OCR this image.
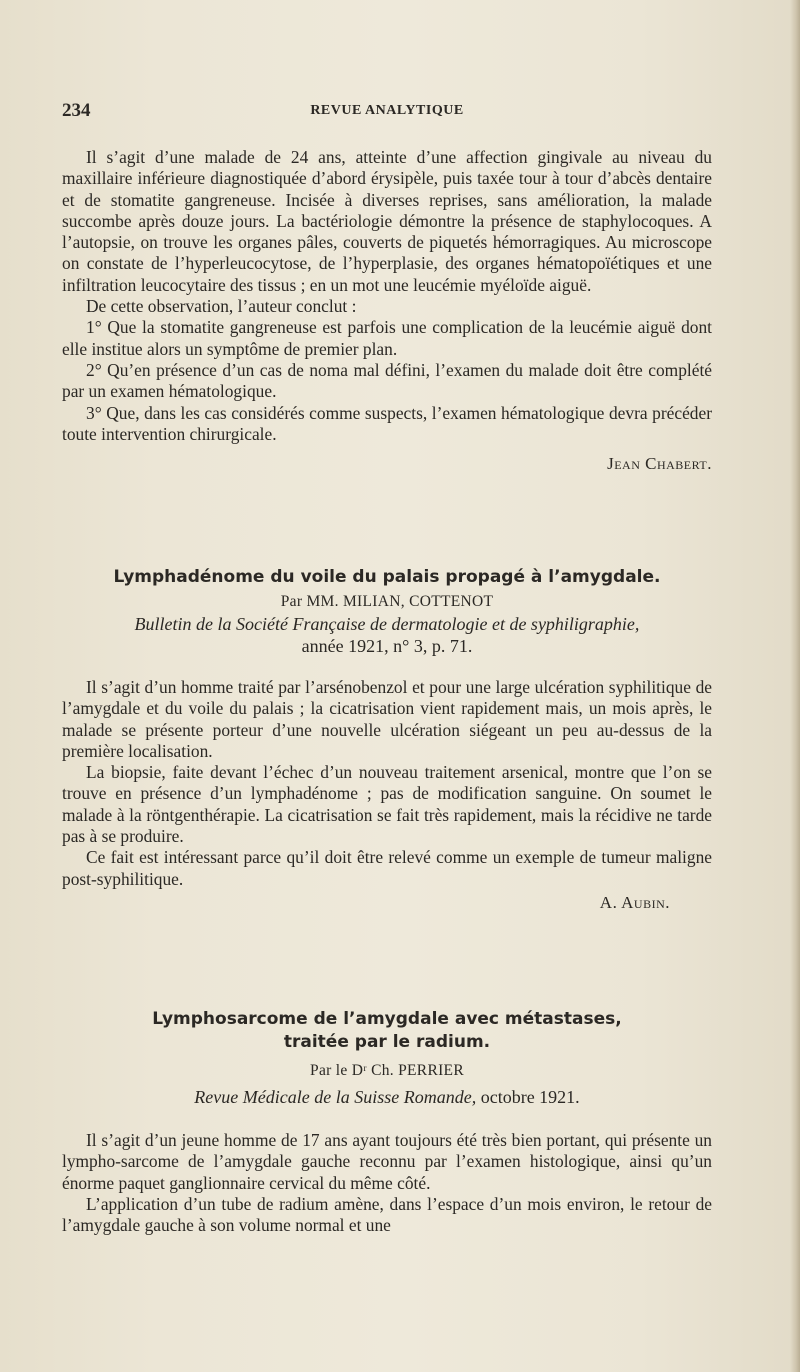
234	REVUE ANALYTIQUE

Il s’agit d’une malade de 24 ans, atteinte d’une affection gingivale au niveau du maxillaire inférieure diagnostiquée d’abord érysipèle, puis taxée tour à tour d’abcès dentaire et de stomatite gangreneuse. Incisée à diverses reprises, sans amélioration, la malade succombe après douze jours. La bactériologie démontre la présence de staphylocoques. A l’autopsie, on trouve les organes pâles, couverts de piquetés hémorragiques. Au microscope on constate de l’hyperleucocytose, de l’hyperplasie, des organes hématopoïétiques et une infiltration leucocytaire des tissus ; en un mot une leucémie myéloïde aiguë.

De cette observation, l’auteur conclut :

1° Que la stomatite gangreneuse est parfois une complication de la leucémie aiguë dont elle institue alors un symptôme de premier plan.

2° Qu’en présence d’un cas de noma mal défini, l’examen du malade doit être complété par un examen hématologique.

3° Que, dans les cas considérés comme suspects, l’examen hématologique devra précéder toute intervention chirurgicale.

Jean Chabert.
Lymphadénome du voile du palais propagé à l’amygdale.
Par MM. MILIAN, COTTENOT
Bulletin de la Société Française de dermatologie et de syphiligraphie,
année 1921, n° 3, p. 71.

Il s’agit d’un homme traité par l’arsénobenzol et pour une large ulcération syphilitique de l’amygdale et du voile du palais ; la cicatrisation vient rapidement mais, un mois après, le malade se présente porteur d’une nouvelle ulcération siégeant un peu au-dessus de la première localisation.

La biopsie, faite devant l’échec d’un nouveau traitement arsenical, montre que l’on se trouve en présence d’un lymphadénome ; pas de modification sanguine. On soumet le malade à la röntgenthérapie. La cicatrisation se fait très rapidement, mais la récidive ne tarde pas à se produire.

Ce fait est intéressant parce qu’il doit être relevé comme un exemple de tumeur maligne post-syphilitique.

A. Aubin.
Lymphosarcome de l’amygdale avec métastases,
traitée par le radium.
Par le Dʳ Ch. PERRIER
Revue Médicale de la Suisse Romande, octobre 1921.

Il s’agit d’un jeune homme de 17 ans ayant toujours été très bien portant, qui présente un lympho-sarcome de l’amygdale gauche reconnu par l’examen histologique, ainsi qu’un énorme paquet ganglionnaire cervical du même côté.

L’application d’un tube de radium amène, dans l’espace d’un mois environ, le retour de l’amygdale gauche à son volume normal et une
